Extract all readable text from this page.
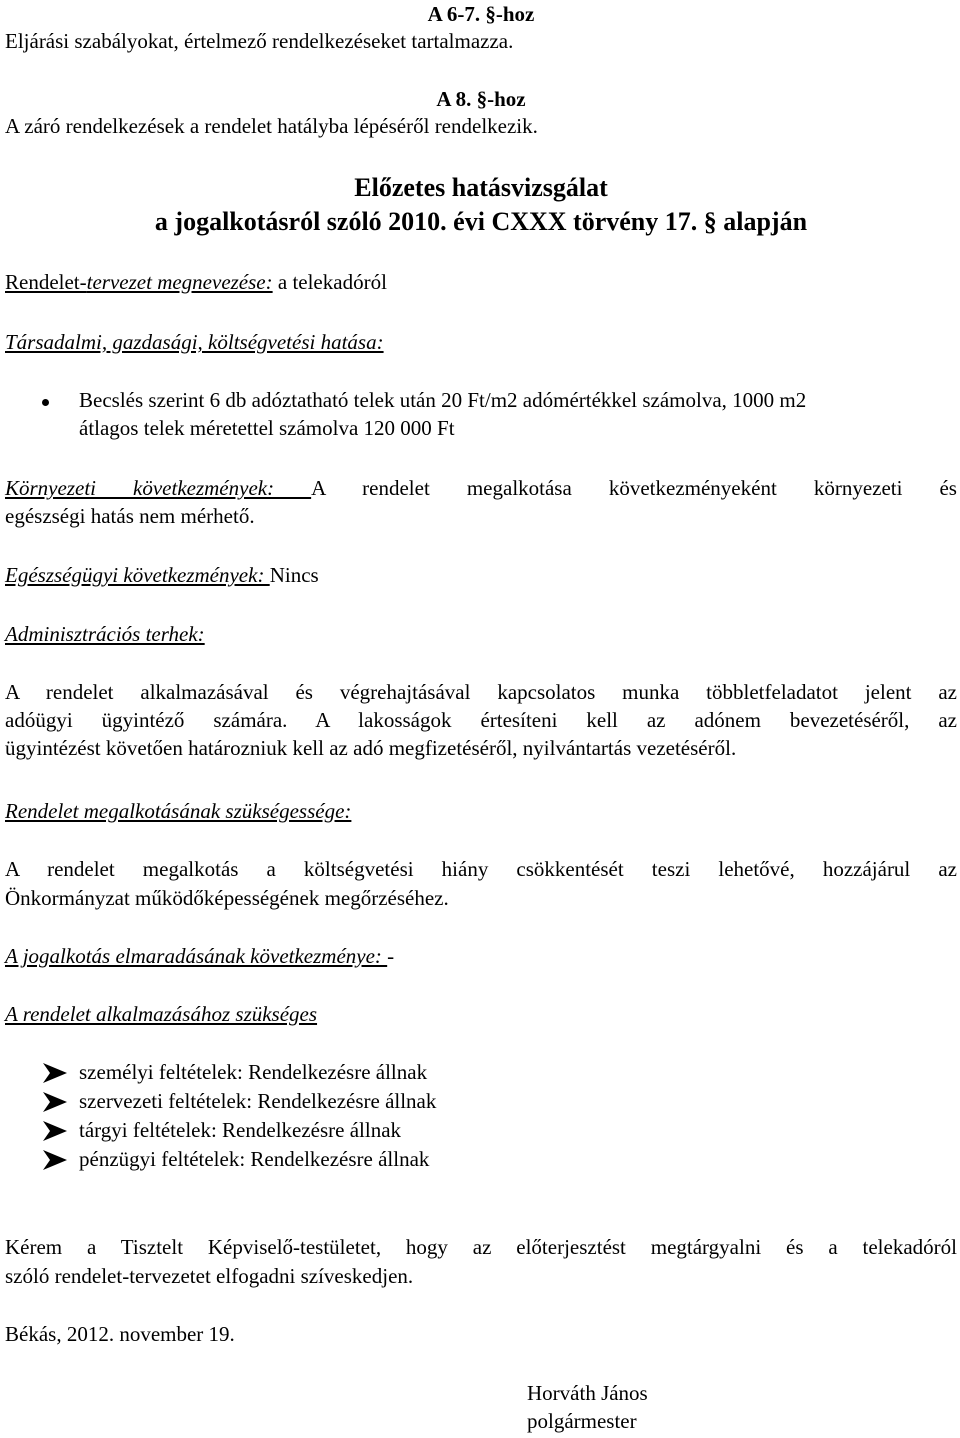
A 6-7. §-hoz
Eljárási szabályokat, értelmező rendelkezéseket tartalmazza.
A 8. §-hoz
A záró rendelkezések a rendelet hatályba lépéséről rendelkezik.
Előzetes hatásvizsgálat
a jogalkotásról szóló 2010. évi CXXX törvény 17. § alapján
Rendelet-tervezet megnevezése: a telekadóról
Társadalmi, gazdasági, költségvetési hatása:
Becslés szerint 6 db adóztatható telek után 20 Ft/m2 adómértékkel számolva, 1000 m2
átlagos telek méretettel számolva 120 000 Ft
Környezeti következmények: A rendelet megalkotása következményeként környezeti és
egészségi hatás nem mérhető.
Egészségügyi következmények: Nincs
Adminisztrációs terhek:
A rendelet alkalmazásával és végrehajtásával kapcsolatos munka többletfeladatot jelent az
adóügyi ügyintéző számára. A lakosságok értesíteni kell az adónem bevezetéséről, az
ügyintézést követően határozniuk kell az adó megfizetéséről, nyilvántartás vezetéséről.
Rendelet megalkotásának szükségessége:
A rendelet megalkotás a költségvetési hiány csökkentését teszi lehetővé, hozzájárul az
Önkormányzat működőképességének megőrzéséhez.
A jogalkotás elmaradásának következménye: -
A rendelet alkalmazásához szükséges
személyi feltételek: Rendelkezésre állnak
szervezeti feltételek: Rendelkezésre állnak
tárgyi feltételek: Rendelkezésre állnak
pénzügyi feltételek: Rendelkezésre állnak
Kérem a Tisztelt Képviselő-testületet, hogy az előterjesztést megtárgyalni és a telekadóról
szóló rendelet-tervezetet elfogadni szíveskedjen.
Békás, 2012. november 19.
Horváth János
polgármester
